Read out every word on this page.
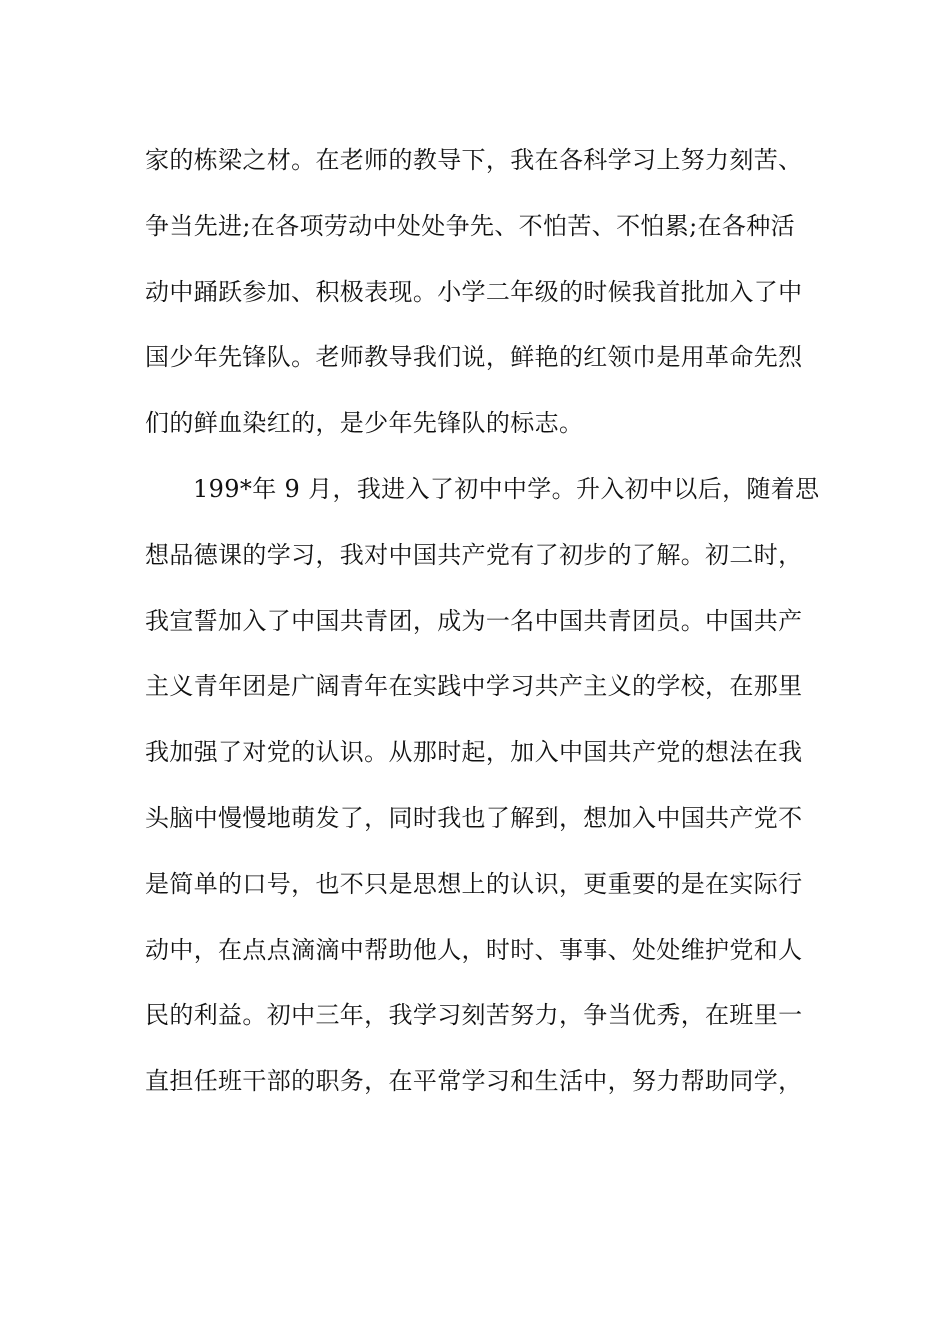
家的栋梁之材。在老师的教导下，我在各科学习上努力刻苦、
争当先进;在各项劳动中处处争先、不怕苦、不怕累;在各种活
动中踊跃参加、积极表现。小学二年级的时候我首批加入了中
国少年先锋队。老师教导我们说，鲜艳的红领巾是用革命先烈
们的鲜血染红的，是少年先锋队的标志。
199*年 9 月，我进入了初中中学。升入初中以后，随着思
想品德课的学习，我对中国共产党有了初步的了解。初二时，
我宣誓加入了中国共青团，成为一名中国共青团员。中国共产
主义青年团是广阔青年在实践中学习共产主义的学校，在那里
我加强了对党的认识。从那时起，加入中国共产党的想法在我
头脑中慢慢地萌发了，同时我也了解到，想加入中国共产党不
是简单的口号，也不只是思想上的认识，更重要的是在实际行
动中，在点点滴滴中帮助他人，时时、事事、处处维护党和人
民的利益。初中三年，我学习刻苦努力，争当优秀，在班里一
直担任班干部的职务，在平常学习和生活中，努力帮助同学，
